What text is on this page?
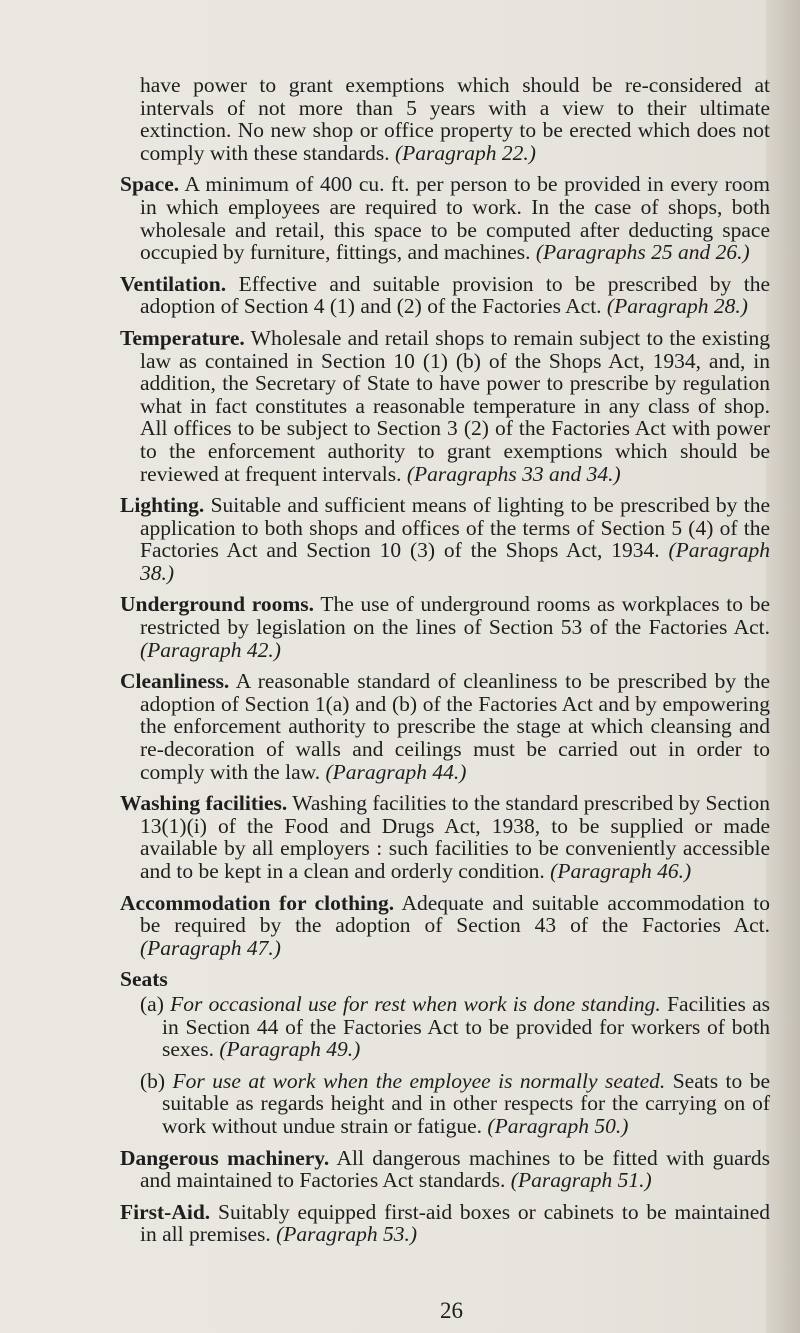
have power to grant exemptions which should be re-considered at intervals of not more than 5 years with a view to their ultimate extinction. No new shop or office property to be erected which does not comply with these standards. (Paragraph 22.)

Space. A minimum of 400 cu. ft. per person to be provided in every room in which employees are required to work. In the case of shops, both wholesale and retail, this space to be computed after deducting space occupied by furniture, fittings, and machines. (Paragraphs 25 and 26.)

Ventilation. Effective and suitable provision to be prescribed by the adoption of Section 4 (1) and (2) of the Factories Act. (Paragraph 28.)

Temperature. Wholesale and retail shops to remain subject to the existing law as contained in Section 10 (1) (b) of the Shops Act, 1934, and, in addition, the Secretary of State to have power to prescribe by regulation what in fact constitutes a reasonable temperature in any class of shop. All offices to be subject to Section 3 (2) of the Factories Act with power to the enforcement authority to grant exemptions which should be reviewed at frequent intervals. (Paragraphs 33 and 34.)

Lighting. Suitable and sufficient means of lighting to be prescribed by the application to both shops and offices of the terms of Section 5 (4) of the Factories Act and Section 10 (3) of the Shops Act, 1934. (Paragraph 38.)

Underground rooms. The use of underground rooms as workplaces to be restricted by legislation on the lines of Section 53 of the Factories Act. (Paragraph 42.)

Cleanliness. A reasonable standard of cleanliness to be prescribed by the adoption of Section 1(a) and (b) of the Factories Act and by empowering the enforcement authority to prescribe the stage at which cleansing and re-decoration of walls and ceilings must be carried out in order to comply with the law. (Paragraph 44.)

Washing facilities. Washing facilities to the standard prescribed by Section 13(1)(i) of the Food and Drugs Act, 1938, to be supplied or made available by all employers : such facilities to be conveniently accessible and to be kept in a clean and orderly condition. (Paragraph 46.)

Accommodation for clothing. Adequate and suitable accommodation to be required by the adoption of Section 43 of the Factories Act. (Paragraph 47.)

Seats

(a) For occasional use for rest when work is done standing. Facilities as in Section 44 of the Factories Act to be provided for workers of both sexes. (Paragraph 49.)

(b) For use at work when the employee is normally seated. Seats to be suitable as regards height and in other respects for the carrying on of work without undue strain or fatigue. (Paragraph 50.)

Dangerous machinery. All dangerous machines to be fitted with guards and maintained to Factories Act standards. (Paragraph 51.)

First-Aid. Suitably equipped first-aid boxes or cabinets to be maintained in all premises. (Paragraph 53.)

26
